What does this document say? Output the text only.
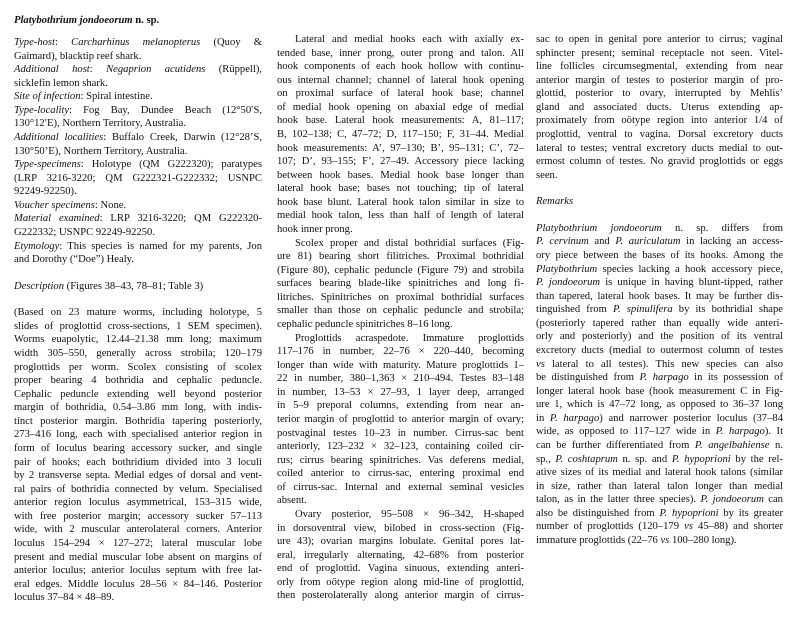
Platybothrium jondoeorum n. sp.
Type-host: Carcharhinus melanopterus (Quoy &
Gaimard), blacktip reef shark.
Additional host: Negaprion acutidens (Rüppell),
sicklefin lemon shark.
Site of infection: Spiral intestine.
Type-locality: Fog Bay, Dundee Beach (12°50′S,
130°12′E), Northern Territory, Australia.
Additional localities: Buffalo Creek, Darwin (12°28’S,
130°50’E), Northern Territory, Australia.
Type-specimens: Holotype (QM G222320); paratypes
(LRP 3216-3220; QM G222321-G222332; USNPC
92249-92250).
Voucher specimens: None.
Material examined: LRP 3216-3220; QM G222320-
G222332; USNPC 92249-92250.
Etymology: This species is named for my parents, Jon
and Dorothy (“Doe”) Healy.
Description (Figures 38–43, 78–81; Table 3)
(Based on 23 mature worms, including holotype, 5
slides of proglottid cross-sections, 1 SEM specimen).
Worms euapolytic, 12.44–21.38 mm long; maximum
width 305–550, generally across strobila; 120–179
proglottids per worm. Scolex consisting of scolex
proper bearing 4 bothridia and cephalic peduncle.
Cephalic peduncle extending well beyond posterior
margin of bothridia, 0.54–3.86 mm long, with indis-
tinct posterior margin. Bothridia tapering posteriorly,
273–416 long, each with specialised anterior region in
form of loculus bearing accessory sucker, and single
pair of hooks; each bothridium divided into 3 loculi
by 2 transverse septa. Medial edges of dorsal and vent-
ral pairs of bothridia connected by velum. Specialised
anterior region loculus asymmetrical, 153–315 wide,
with free posterior margin; accessory sucker 57–113
wide, with 2 muscular anterolateral corners. Anterior
loculus 154–294 × 127–272; lateral muscular lobe
present and medial muscular lobe absent on margins of
anterior loculus; anterior loculus septum with free lat-
eral edges. Middle loculus 28–56 × 84–146. Posterior
loculus 37–84 × 48–89.
Lateral and medial hooks each with axially ex-
tended base, inner prong, outer prong and talon. All
hook components of each hook hollow with continu-
ous internal channel; channel of lateral hook opening
on proximal surface of lateral hook base; channel
of medial hook opening on abaxial edge of medial
hook base. Lateral hook measurements: A, 81–117;
B, 102–138; C, 47–72; D, 117–150; F, 31–44. Medial
hook measurements: A’, 97–130; B’, 95–131; C’, 72–
107; D’, 93–155; F’, 27–49. Accessory piece lacking
between hook bases. Medial hook base longer than
lateral hook base; bases not touching; tip of lateral
hook base blunt. Lateral hook talon similar in size to
medial hook talon, less than half of length of lateral
hook inner prong.
Scolex proper and distal bothridial surfaces (Fig-
ure 81) bearing short filitriches. Proximal bothridial
(Figure 80), cephalic peduncle (Figure 79) and strobila
surfaces bearing blade-like spinitriches and long fi-
litriches. Spinitriches on proximal bothridial surfaces
smaller than those on cephalic peduncle and strobila;
cephalic peduncle spinitriches 8–16 long.
Proglottids acraspedote. Immature proglottids
117–176 in number, 22–76 × 220–440, becoming
longer than wide with maturity. Mature proglottids 1–
22 in number, 380–1,363 × 210–494. Testes 83–148
in number, 13–53 × 27–93, 1 layer deep, arranged
in 5–9 preporal columns, extending from near an-
terior margin of proglottid to anterior margin of ovary;
postvaginal testes 10–23 in number. Cirrus-sac bent
anteriorly, 123–232 × 32–123, containing coiled cir-
rus; cirrus bearing spinitriches. Vas deferens medial,
coiled anterior to cirrus-sac, entering proximal end
of cirrus-sac. Internal and external seminal vesicles
absent.
Ovary posterior, 95–508 × 96–342, H-shaped
in dorsoventral view, bilobed in cross-section (Fig-
ure 43); ovarian margins lobulate. Genital pores lat-
eral, irregularly alternating, 42–68% from posterior
end of proglottid. Vagina sinuous, extending anteri-
orly from oötype region along mid-line of proglottid,
then posterolaterally along anterior margin of cirrus-
sac to open in genital pore anterior to cirrus; vaginal
sphincter present; seminal receptacle not seen. Vitel-
line follicles circumsegmental, extending from near
anterior margin of testes to posterior margin of pro-
glottid, posterior to ovary, interrupted by Mehlis’
gland and associated ducts. Uterus extending ap-
proximately from oötype region into anterior 1/4 of
proglottid, ventral to vagina. Dorsal excretory ducts
lateral to testes; ventral excretory ducts medial to out-
ermost column of testes. No gravid proglottids or eggs
seen.
Remarks
Platybothrium jondoeorum n. sp. differs from
P. cervinum and P. auriculatum in lacking an access-
ory piece between the bases of its hooks. Among the
Platybothrium species lacking a hook accessory piece,
P. jondoeorum is unique in having blunt-tipped, rather
than tapered, lateral hook bases. It may be further dis-
tinguished from P. spinulifera by its bothridial shape
(posteriorly tapered rather than equally wide anteri-
orly and posteriorly) and the position of its ventral
excretory ducts (medial to outermost column of testes
vs lateral to all testes). This new species can also
be distinguished from P. harpago in its possession of
longer lateral hook base (hook measurement C in Fig-
ure 1, which is 47–72 long, as opposed to 36–37 long
in P. harpago) and narrower posterior loculus (37–84
wide, as opposed to 117–127 wide in P. harpago). It
can be further differentiated from P. angelbahiense n.
sp., P. coshtaprum n. sp. and P. hypoprioni by the rel-
ative sizes of its medial and lateral hook talons (similar
in size, rather than lateral talon longer than medial
talon, as in the latter three species). P. jondoeorum can
also be distinguished from P. hypoprioni by its greater
number of proglottids (120–179 vs 45–88) and shorter
immature proglottids (22–76 vs 100–280 long).
